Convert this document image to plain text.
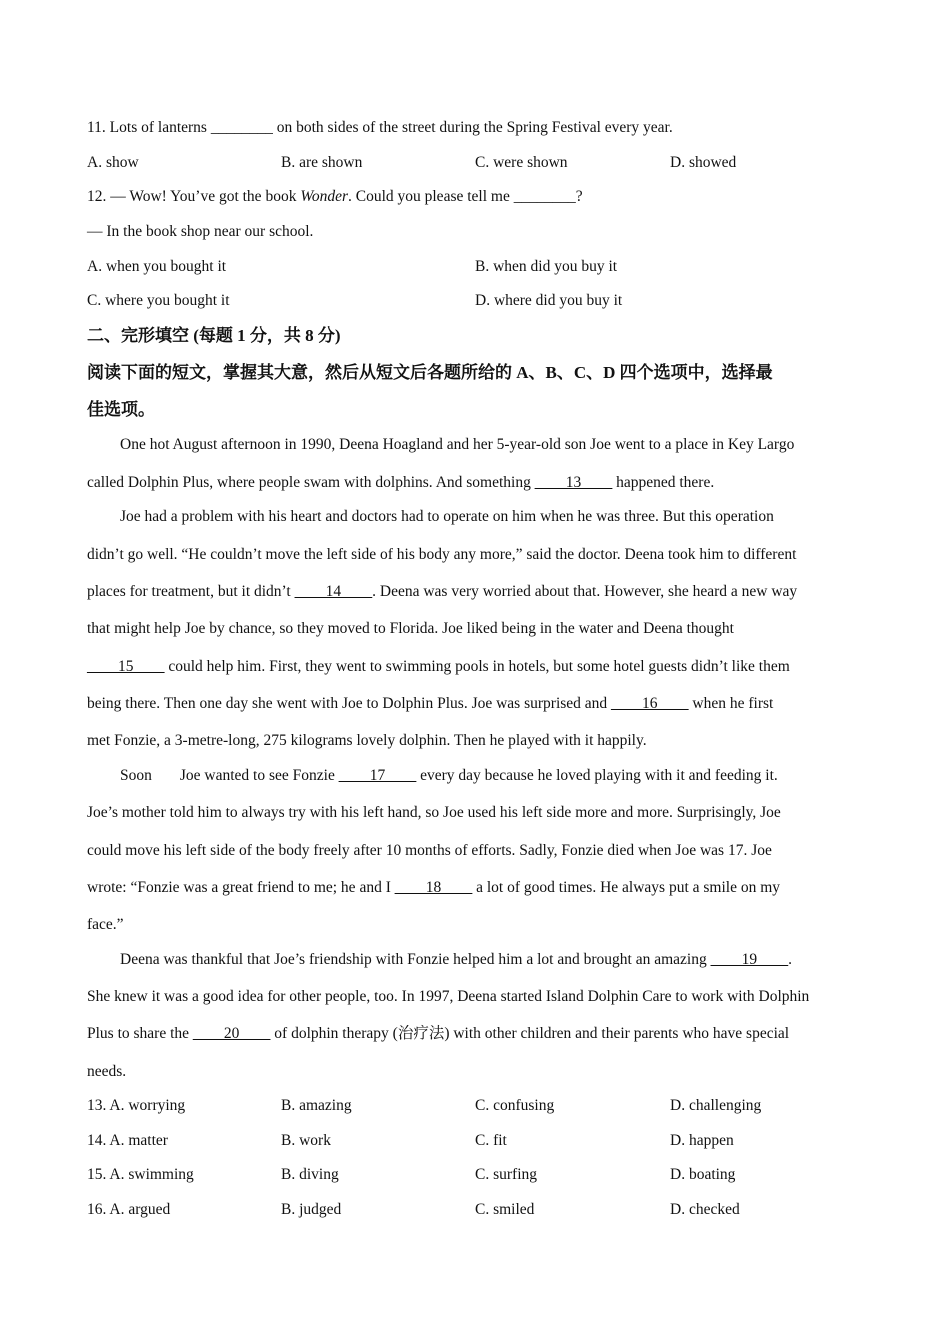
11. Lots of lanterns ________ on both sides of the street during the Spring Festival every year.
A. show	B. are shown	C. were shown	D. showed
12. — Wow! You’ve got the book Wonder. Could you please tell me ________?
— In the book shop near our school.
A. when you bought it	B. when did you buy it
C. where you bought it	D. where did you buy it
二、完形填空 (每题 1 分，共 8 分)
阅读下面的短文，掌握其大意，然后从短文后各题所给的 A、B、C、D 四个选项中，选择最
佳选项。
One hot August afternoon in 1990, Deena Hoagland and her 5-year-old son Joe went to a place in Key Largo
called Dolphin Plus, where people swam with dolphins. And something ____13____ happened there.
Joe had a problem with his heart and doctors had to operate on him when he was three. But this operation
didn’t go well. “He couldn’t move the left side of his body any more,” said the doctor. Deena took him to different
places for treatment, but it didn’t ____14____. Deena was very worried about that. However, she heard a new way
that might help Joe by chance, so they moved to Florida. Joe liked being in the water and Deena thought
____15____ could help him. First, they went to swimming pools in hotels, but some hotel guests didn’t like them
being there. Then one day she went with Joe to Dolphin Plus. Joe was surprised and ____16____ when he first
met Fonzie, a 3-metre-long, 275 kilograms lovely dolphin. Then he played with it happily.
Soon Joe wanted to see Fonzie ____17____ every day because he loved playing with it and feeding it.
Joe’s mother told him to always try with his left hand, so Joe used his left side more and more. Surprisingly, Joe
could move his left side of the body freely after 10 months of efforts. Sadly, Fonzie died when Joe was 17. Joe
wrote: “Fonzie was a great friend to me; he and I ____18____ a lot of good times. He always put a smile on my
face.”
Deena was thankful that Joe’s friendship with Fonzie helped him a lot and brought an amazing ____19____.
She knew it was a good idea for other people, too. In 1997, Deena started Island Dolphin Care to work with Dolphin
Plus to share the ____20____ of dolphin therapy (治疗法) with other children and their parents who have special
needs.
13. A. worrying	B. amazing	C. confusing	D. challenging
14. A. matter	B. work	C. fit	D. happen
15. A. swimming	B. diving	C. surfing	D. boating
16. A. argued	B. judged	C. smiled	D. checked
